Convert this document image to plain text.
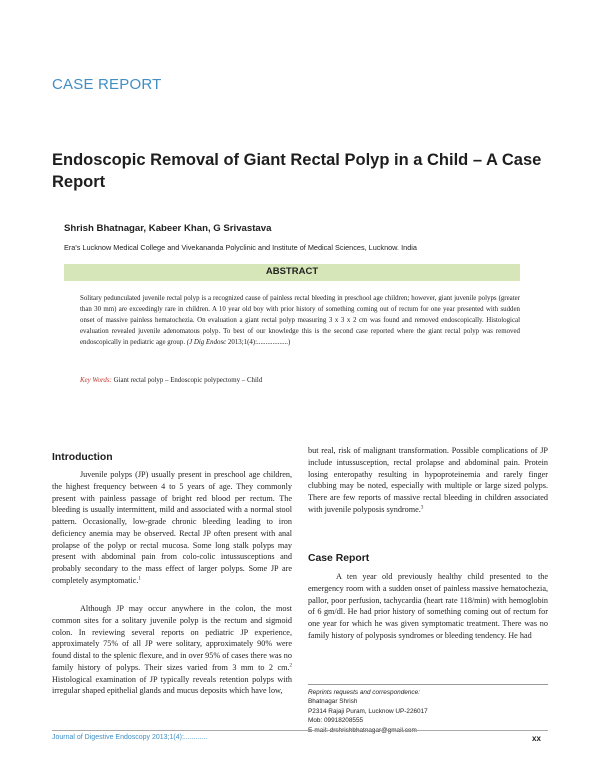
CASE REPORT
Endoscopic Removal of Giant Rectal Polyp in a Child – A Case Report
Shrish Bhatnagar, Kabeer Khan, G Srivastava
Era's Lucknow Medical College and Vivekananda Polyclinic and Institute of Medical Sciences, Lucknow. India
ABSTRACT
Solitary pedunculated juvenile rectal polyp is a recognized cause of painless rectal bleeding in preschool age children; however, giant juvenile polyps (greater than 30 mm) are exceedingly rare in children. A 10 year old boy with prior history of something coming out of rectum for one year presented with sudden onset of massive painless hematochezia. On evaluation a giant rectal polyp measuring 3 x 3 x 2 cm was found and removed endoscopically. Histological evaluation revealed juvenile adenomatous polyp. To best of our knowledge this is the second case reported where the giant rectal polyp was removed endoscopically in pediatric age group. (J Dig Endosc 2013;1(4):..................)
Key Words: Giant rectal polyp – Endoscopic polypectomy – Child
Introduction
Juvenile polyps (JP) usually present in preschool age children, the highest frequency between 4 to 5 years of age. They commonly present with painless passage of bright red blood per rectum. The bleeding is usually intermittent, mild and associated with a normal stool pattern. Occasionally, low-grade chronic bleeding leading to iron deficiency anemia may be observed. Rectal JP often present with anal prolapse of the polyp or rectal mucosa. Some long stalk polyps may present with abdominal pain from colo-colic intussusceptions and probably secondary to the mass effect of larger polyps. Some JP are completely asymptomatic.$^1$
Although JP may occur anywhere in the colon, the most common sites for a solitary juvenile polyp is the rectum and sigmoid colon. In reviewing several reports on pediatric JP experience, approximately 75% of all JP were solitary, approximately 90% were found distal to the splenic flexure, and in over 95% of cases there was no family history of polyps. Their sizes varied from 3 mm to 2 cm.$^2$ Histological examination of JP typically reveals retention polyps with irregular shaped epithelial glands and mucus deposits which have low,
but real, risk of malignant transformation. Possible complications of JP include intussusception, rectal prolapse and abdominal pain. Protein losing enteropathy resulting in hypoproteinemia and rarely finger clubbing may be noted, especially with multiple or large sized polyps. There are few reports of massive rectal bleeding in children associated with juvenile polyposis syndrome.$^3$
Case Report
A ten year old previously healthy child presented to the emergency room with a sudden onset of painless massive hematochezia, pallor, poor perfusion, tachycardia (heart rate 118/min) with hemoglobin of 6 gm/dl. He had prior history of something coming out of rectum for one year for which he was given symptomatic treatment. There was no family history of polyposis syndromes or bleeding tendency. He had
Reprints requests and correspondence:
Bhatnagar Shrish
P2314 Rajaji Puram, Lucknow UP-226017
Mob: 09918208555
E-mail: drshrishbhatnagar@gmail.com
Journal of Digestive Endoscopy 2013;1(4):............	xx
